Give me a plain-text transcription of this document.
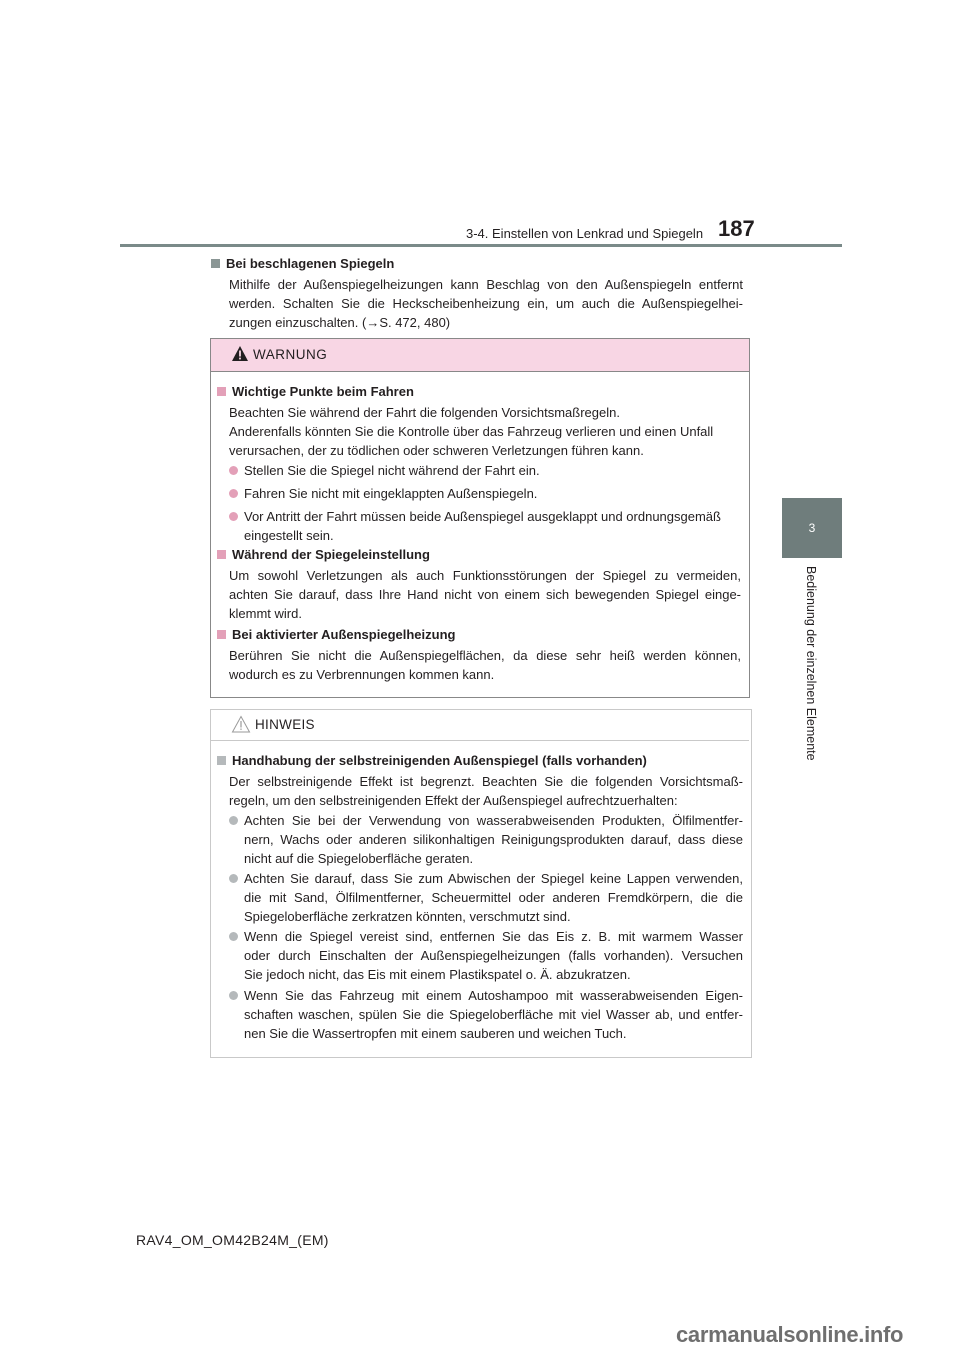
3-4. Einstellen von Lenkrad und Spiegeln 187
3
Bedienung der einzelnen Elemente
Bei beschlagenen Spiegeln
Mithilfe der Außenspiegelheizungen kann Beschlag von den Außenspiegeln entfernt
werden. Schalten Sie die Heckscheibenheizung ein, um auch die Außenspiegelhei-
zungen einzuschalten. (→S. 472, 480)
WARNUNG
Wichtige Punkte beim Fahren
Beachten Sie während der Fahrt die folgenden Vorsichtsmaßregeln.
Anderenfalls könnten Sie die Kontrolle über das Fahrzeug verlieren und einen Unfall
verursachen, der zu tödlichen oder schweren Verletzungen führen kann.
Stellen Sie die Spiegel nicht während der Fahrt ein.
Fahren Sie nicht mit eingeklappten Außenspiegeln.
Vor Antritt der Fahrt müssen beide Außenspiegel ausgeklappt und ordnungsgemäß
eingestellt sein.
Während der Spiegeleinstellung
Um sowohl Verletzungen als auch Funktionsstörungen der Spiegel zu vermeiden,
achten Sie darauf, dass Ihre Hand nicht von einem sich bewegenden Spiegel einge-
klemmt wird.
Bei aktivierter Außenspiegelheizung
Berühren Sie nicht die Außenspiegelflächen, da diese sehr heiß werden können,
wodurch es zu Verbrennungen kommen kann.
HINWEIS
Handhabung der selbstreinigenden Außenspiegel (falls vorhanden)
Der selbstreinigende Effekt ist begrenzt. Beachten Sie die folgenden Vorsichtsmaß-
regeln, um den selbstreinigenden Effekt der Außenspiegel aufrechtzuerhalten:
Achten Sie bei der Verwendung von wasserabweisenden Produkten, Ölfilmentfer-
nern, Wachs oder anderen silikonhaltigen Reinigungsprodukten darauf, dass diese
nicht auf die Spiegeloberfläche geraten.
Achten Sie darauf, dass Sie zum Abwischen der Spiegel keine Lappen verwenden,
die mit Sand, Ölfilmentferner, Scheuermittel oder anderen Fremdkörpern, die die
Spiegeloberfläche zerkratzen könnten, verschmutzt sind.
Wenn die Spiegel vereist sind, entfernen Sie das Eis z. B. mit warmem Wasser
oder durch Einschalten der Außenspiegelheizungen (falls vorhanden). Versuchen
Sie jedoch nicht, das Eis mit einem Plastikspatel o. Ä. abzukratzen.
Wenn Sie das Fahrzeug mit einem Autoshampoo mit wasserabweisenden Eigen-
schaften waschen, spülen Sie die Spiegeloberfläche mit viel Wasser ab, und entfer-
nen Sie die Wassertropfen mit einem sauberen und weichen Tuch.
RAV4_OM_OM42B24M_(EM)
carmanualsonline.info
